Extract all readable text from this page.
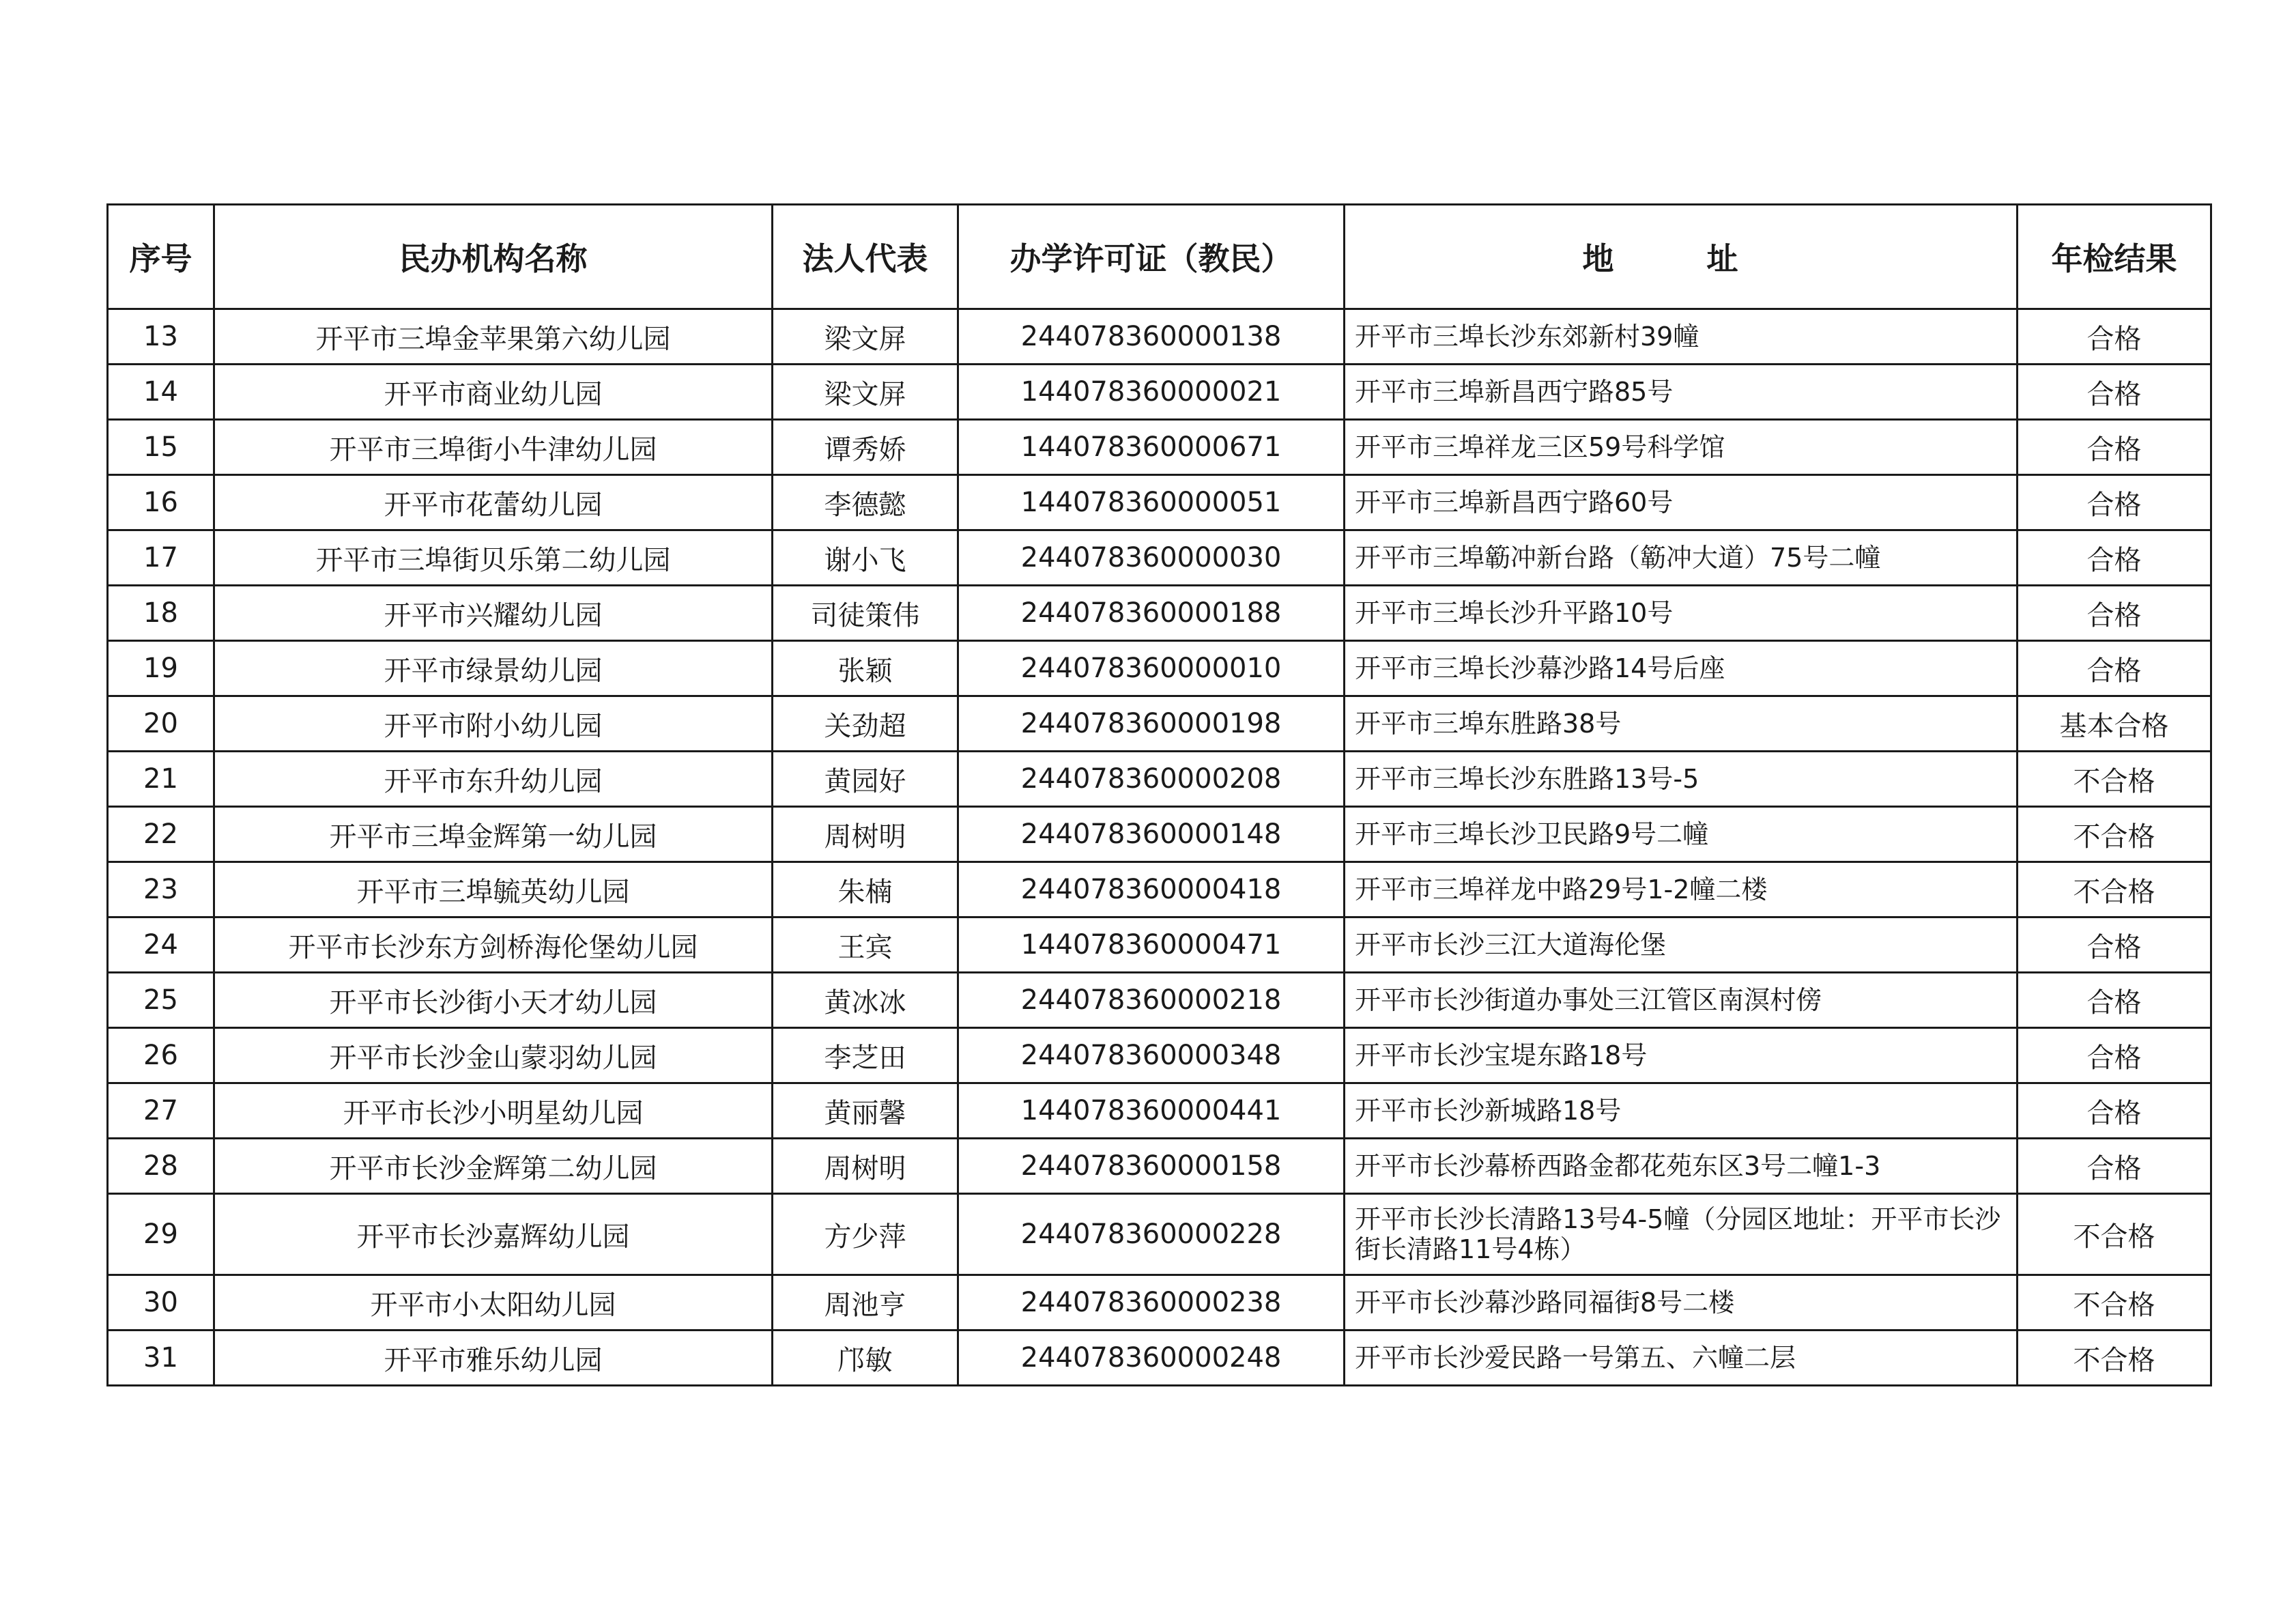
序号	民办机构名称	法人代表	办学许可证（教民）	地 址	年检结果
13	开平市三埠金苹果第六幼儿园	梁文屏	244078360000138	开平市三埠长沙东郊新村39幢	合格
14	开平市商业幼儿园	梁文屏	144078360000021	开平市三埠新昌西宁路85号	合格
15	开平市三埠街小牛津幼儿园	谭秀娇	144078360000671	开平市三埠祥龙三区59号科学馆	合格
16	开平市花蕾幼儿园	李德懿	144078360000051	开平市三埠新昌西宁路60号	合格
17	开平市三埠街贝乐第二幼儿园	谢小飞	244078360000030	开平市三埠簕冲新台路（簕冲大道）75号二幢	合格
18	开平市兴耀幼儿园	司徒策伟	244078360000188	开平市三埠长沙升平路10号	合格
19	开平市绿景幼儿园	张颖	244078360000010	开平市三埠长沙幕沙路14号后座	合格
20	开平市附小幼儿园	关劲超	244078360000198	开平市三埠东胜路38号	基本合格
21	开平市东升幼儿园	黄园好	244078360000208	开平市三埠长沙东胜路13号-5	不合格
22	开平市三埠金辉第一幼儿园	周树明	244078360000148	开平市三埠长沙卫民路9号二幢	不合格
23	开平市三埠毓英幼儿园	朱楠	244078360000418	开平市三埠祥龙中路29号1-2幢二楼	不合格
24	开平市长沙东方剑桥海伦堡幼儿园	王宾	144078360000471	开平市长沙三江大道海伦堡	合格
25	开平市长沙街小天才幼儿园	黄冰冰	244078360000218	开平市长沙街道办事处三江管区南溟村傍	合格
26	开平市长沙金山蒙羽幼儿园	李芝田	244078360000348	开平市长沙宝堤东路18号	合格
27	开平市长沙小明星幼儿园	黄丽馨	144078360000441	开平市长沙新城路18号	合格
28	开平市长沙金辉第二幼儿园	周树明	244078360000158	开平市长沙幕桥西路金都花苑东区3号二幢1-3	合格
29	开平市长沙嘉辉幼儿园	方少萍	244078360000228	开平市长沙长清路13号4-5幢（分园区地址：开平市长沙街长清路11号4栋）	不合格
30	开平市小太阳幼儿园	周池亨	244078360000238	开平市长沙幕沙路同福街8号二楼	不合格
31	开平市雅乐幼儿园	邝敏	244078360000248	开平市长沙爱民路一号第五、六幢二层	不合格
